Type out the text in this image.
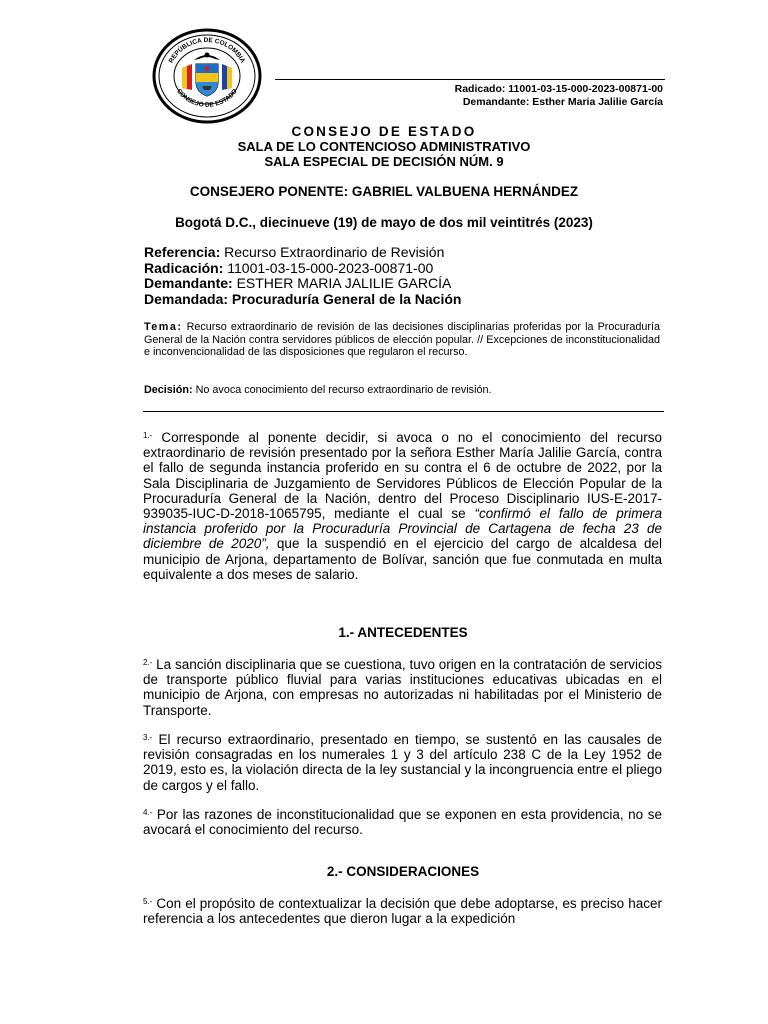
REPÚBLICA DE COLOMBIA
CONSEJO DE ESTADO	Radicado: 11001-03-15-000-2023-00871-00
Demandante: Esther Maria Jalilie García
CONSEJO DE ESTADO
SALA DE LO CONTENCIOSO ADMINISTRATIVO
SALA ESPECIAL DE DECISIÓN NÚM. 9
CONSEJERO PONENTE: GABRIEL VALBUENA HERNÁNDEZ
Bogotá D.C., diecinueve (19) de mayo de dos mil veintitrés (2023)
Referencia: Recurso Extraordinario de Revisión
Radicación: 11001-03-15-000-2023-00871-00
Demandante: ESTHER MARIA JALILIE GARCÍA
Demandada: Procuraduría General de la Nación
Tema: Recurso extraordinario de revisión de las decisiones disciplinarias proferidas por la Procuraduría General de la Nación contra servidores públicos de elección popular. // Excepciones de inconstitucionalidad e inconvencionalidad de las disposiciones que regularon el recurso.
Decisión: No avoca conocimiento del recurso extraordinario de revisión.
$^{1.-}$ Corresponde al ponente decidir, si avoca o no el conocimiento del recurso extraordinario de revisión presentado por la señora Esther María Jalilie García, contra el fallo de segunda instancia proferido en su contra el 6 de octubre de 2022, por la Sala Disciplinaria de Juzgamiento de Servidores Públicos de Elección Popular de la Procuraduría General de la Nación, dentro del Proceso Disciplinario IUS-E-2017-939035-IUC-D-2018-1065795, mediante el cual se “confirmó el fallo de primera instancia proferido por la Procuraduría Provincial de Cartagena de fecha 23 de diciembre de 2020”, que la suspendió en el ejercicio del cargo de alcaldesa del municipio de Arjona, departamento de Bolívar, sanción que fue conmutada en multa equivalente a dos meses de salario.
1.- ANTECEDENTES
$^{2.-}$ La sanción disciplinaria que se cuestiona, tuvo origen en la contratación de servicios de transporte público fluvial para varias instituciones educativas ubicadas en el municipio de Arjona, con empresas no autorizadas ni habilitadas por el Ministerio de Transporte.
$^{3.-}$ El recurso extraordinario, presentado en tiempo, se sustentó en las causales de revisión consagradas en los numerales 1 y 3 del artículo 238 C de la Ley 1952 de 2019, esto es, la violación directa de la ley sustancial y la incongruencia entre el pliego de cargos y el fallo.
$^{4.-}$ Por las razones de inconstitucionalidad que se exponen en esta providencia, no se avocará el conocimiento del recurso.
2.- CONSIDERACIONES
$^{5.-}$ Con el propósito de contextualizar la decisión que debe adoptarse, es preciso hacer referencia a los antecedentes que dieron lugar a la expedición
